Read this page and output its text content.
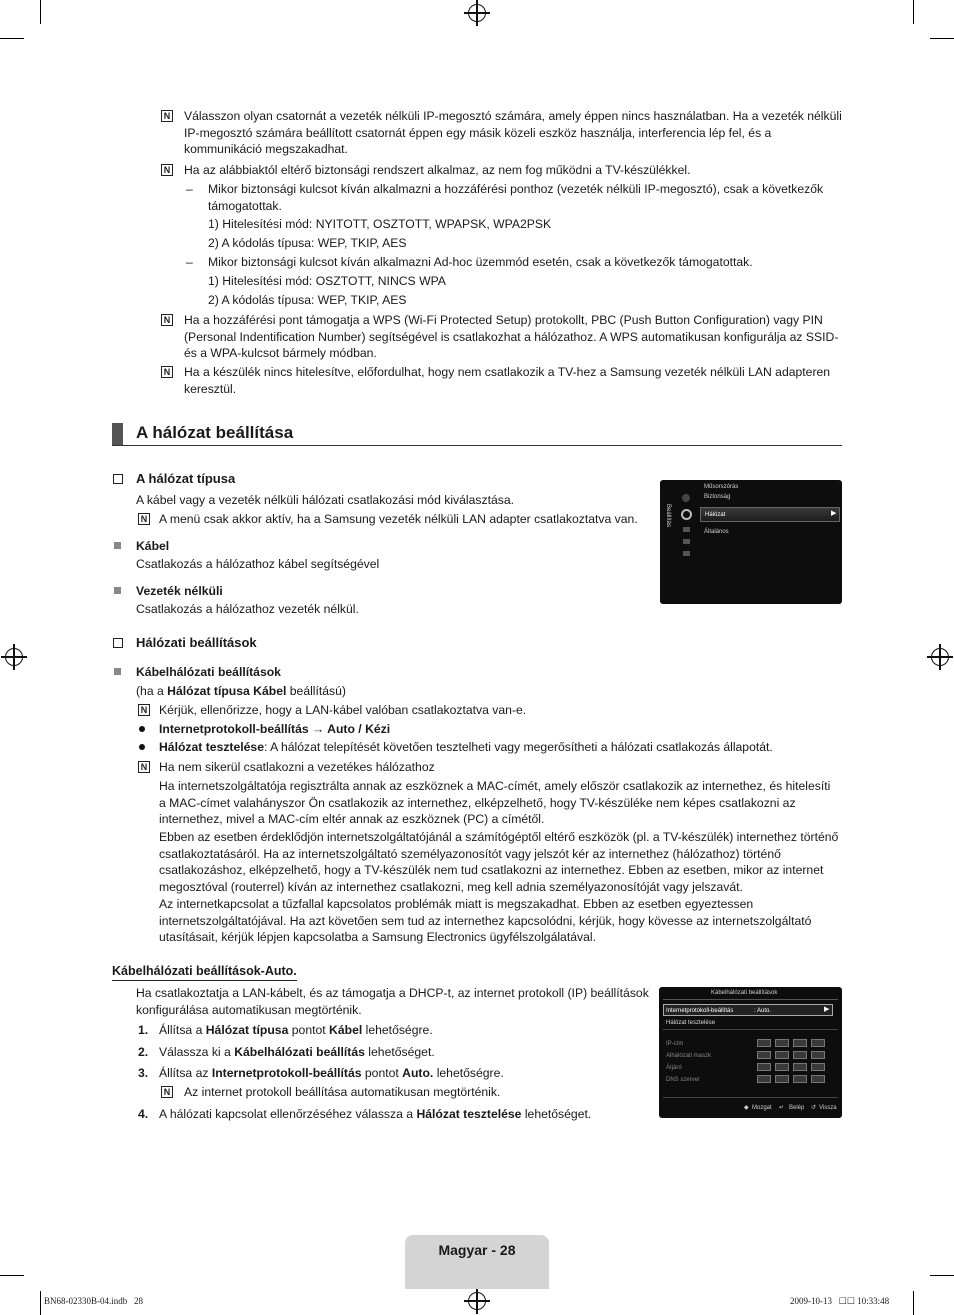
N Válasszon olyan csatornát a vezeték nélküli IP-megosztó számára, amely éppen nincs használatban. Ha a vezeték nélküli IP-megosztó számára beállított csatornát éppen egy másik közeli eszköz használja, interferencia lép fel, és a kommunikáció megszakadhat.
N Ha az alábbiaktól eltérő biztonsági rendszert alkalmaz, az nem fog működni a TV-készülékkel.
– Mikor biztonsági kulcsot kíván alkalmazni a hozzáférési ponthoz (vezeték nélküli IP-megosztó), csak a következők támogatottak.
1) Hitelesítési mód: NYITOTT, OSZTOTT, WPAPSK, WPA2PSK
2) A kódolás típusa: WEP, TKIP, AES
– Mikor biztonsági kulcsot kíván alkalmazni Ad-hoc üzemmód esetén, csak a következők támogatottak.
1) Hitelesítési mód: OSZTOTT, NINCS WPA
2) A kódolás típusa: WEP, TKIP, AES
N Ha a hozzáférési pont támogatja a WPS (Wi-Fi Protected Setup) protokollt, PBC (Push Button Configuration) vagy PIN (Personal Indentification Number) segítségével is csatlakozhat a hálózathoz. A WPS automatikusan konfigurálja az SSID- és a WPA-kulcsot bármely módban.
N Ha a készülék nincs hitelesítve, előfordulhat, hogy nem csatlakozik a TV-hez a Samsung vezeték nélküli LAN adapteren keresztül.
A hálózat beállítása
A hálózat típusa
A kábel vagy a vezeték nélküli hálózati csatlakozási mód kiválasztása.
N A menü csak akkor aktív, ha a Samsung vezeték nélküli LAN adapter csatlakoztatva van.
Kábel
Csatlakozás a hálózathoz kábel segítségével
Vezeték nélküli
Csatlakozás a hálózathoz vezeték nélkül.
Beállítás
Műsorszórás
Biztonság
Hálózat	▶
Általános
Hálózati beállítások
Kábelhálózati beállítások
(ha a Hálózat típusa Kábel beállítású)
N Kérjük, ellenőrizze, hogy a LAN-kábel valóban csatlakoztatva van-e.
Internetprotokoll-beállítás → Auto / Kézi
Hálózat tesztelése: A hálózat telepítését követően tesztelheti vagy megerősítheti a hálózati csatlakozás állapotát.
N Ha nem sikerül csatlakozni a vezetékes hálózathoz
Ha internetszolgáltatója regisztrálta annak az eszköznek a MAC-címét, amely először csatlakozik az internethez, és hitelesíti a MAC-címet valahányszor Ön csatlakozik az internethez, elképzelhető, hogy TV-készüléke nem képes csatlakozni az internethez, mivel a MAC-cím eltér annak az eszköznek (PC) a címétől.
Ebben az esetben érdeklődjön internetszolgáltatójánál a számítógéptől eltérő eszközök (pl. a TV-készülék) internethez történő csatlakoztatásáról. Ha az internetszolgáltató személyazonosítót vagy jelszót kér az internethez (hálózathoz) történő csatlakozáshoz, elképzelhető, hogy a TV-készülék nem tud csatlakozni az internethez. Ebben az esetben, mikor az internet megosztóval (routerrel) kíván az internethez csatlakozni, meg kell adnia személyazonosítóját vagy jelszavát.
Az internetkapcsolat a tűzfallal kapcsolatos problémák miatt is megszakadhat. Ebben az esetben egyeztessen internetszolgáltatójával. Ha azt követően sem tud az internethez kapcsolódni, kérjük, hogy kövesse az internetszolgáltató utasításait, kérjük lépjen kapcsolatba a Samsung Electronics ügyfélszolgálatával.
Kábelhálózati beállítások-Auto.
Ha csatlakoztatja a LAN-kábelt, és az támogatja a DHCP-t, az internet protokoll (IP) beállítások konfigurálása automatikusan megtörténik.
1. Állítsa a Hálózat típusa pontot Kábel lehetőségre.
2. Válassza ki a Kábelhálózati beállítás lehetőséget.
3. Állítsa az Internetprotokoll-beállítás pontot Auto. lehetőségre.
N Az internet protokoll beállítása automatikusan megtörténik.
4. A hálózati kapcsolat ellenőrzéséhez válassza a Hálózat tesztelése lehetőséget.
Kábelhálózati beállítások
Internetprotokoll-beállítás	: Auto.	▶
Hálózat tesztelése
IP-cím
Alhálózati maszk
Átjáró
DNS szerver
◆ Mozgat ↵ Belép ↺ Vissza
Magyar - 28
BN68-02330B-04.indb   28	2009-10-13   ☐☐ 10:33:48
